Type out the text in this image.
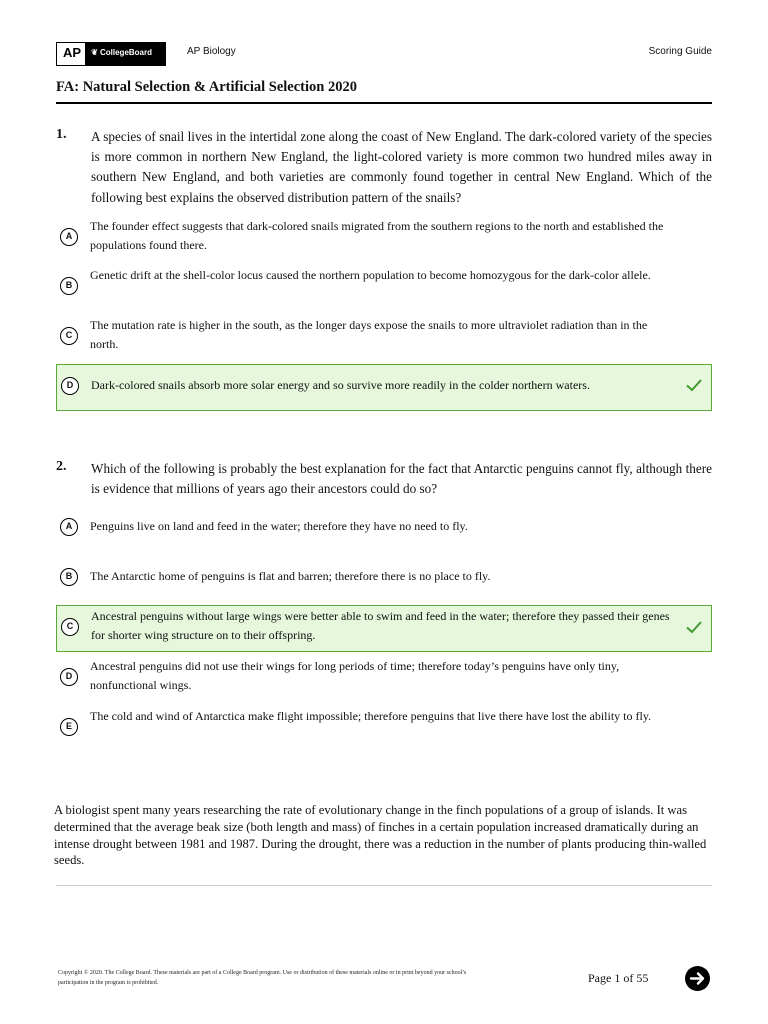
AP	❦ CollegeBoard	AP Biology	Scoring Guide
FA: Natural Selection & Artificial Selection 2020
1. A species of snail lives in the intertidal zone along the coast of New England. The dark-colored variety of the species is more common in northern New England, the light-colored variety is more common two hundred miles away in southern New England, and both varieties are commonly found together in central New England. Which of the following best explains the observed distribution pattern of the snails?
A
The founder effect suggests that dark-colored snails migrated from the southern regions to the north and established the populations found there.
B
Genetic drift at the shell-color locus caused the northern population to become homozygous for the dark-color allele.
C
The mutation rate is higher in the south, as the longer days expose the snails to more ultraviolet radiation than in the north.
D	Dark-colored snails absorb more solar energy and so survive more readily in the colder northern waters.
2. Which of the following is probably the best explanation for the fact that Antarctic penguins cannot fly, although there is evidence that millions of years ago their ancestors could do so?
A	Penguins live on land and feed in the water; therefore they have no need to fly.
B	The Antarctic home of penguins is flat and barren; therefore there is no place to fly.
C
Ancestral penguins without large wings were better able to swim and feed in the water; therefore they passed their genes for shorter wing structure on to their offspring.
D
Ancestral penguins did not use their wings for long periods of time; therefore today’s penguins have only tiny, nonfunctional wings.
E
The cold and wind of Antarctica make flight impossible; therefore penguins that live there have lost the ability to fly.
A biologist spent many years researching the rate of evolutionary change in the finch populations of a group of islands. It was determined that the average beak size (both length and mass) of finches in a certain population increased dramatically during an intense drought between 1981 and 1987. During the drought, there was a reduction in the number of plants producing thin-walled seeds.
Copyright © 2020. The College Board. These materials are part of a College Board program. Use or distribution of these materials online or in print beyond your school’s participation in the program is prohibited.	Page 1 of 55
